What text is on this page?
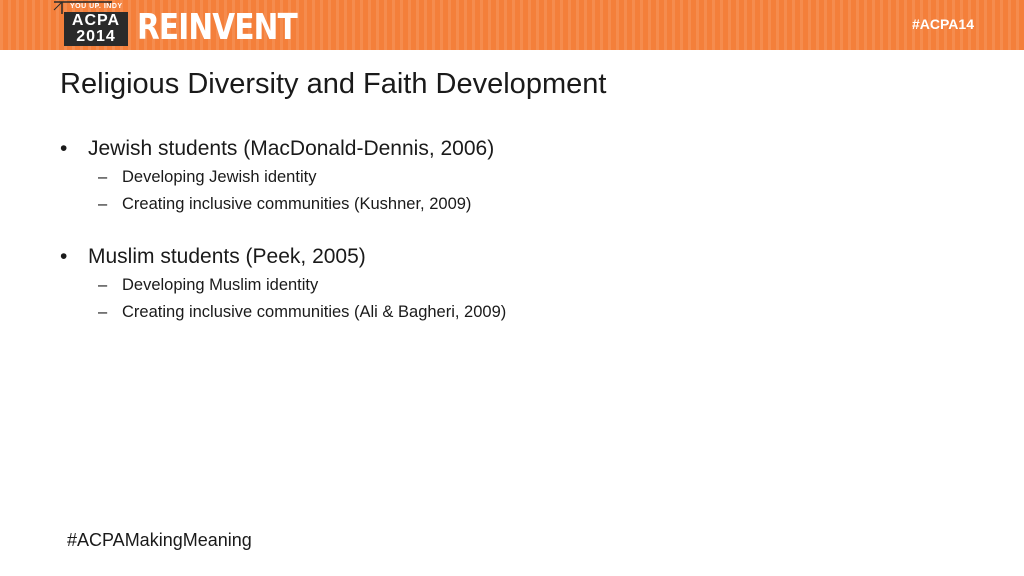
YOU UP. INDY
ACPA
2014 REINVENT	#ACPA14
Religious Diversity and Faith Development
• Jewish students (MacDonald-Dennis, 2006)
– Developing Jewish identity
– Creating inclusive communities (Kushner, 2009)
• Muslim students (Peek, 2005)
– Developing Muslim identity
– Creating inclusive communities (Ali & Bagheri, 2009)
#ACPAMakingMeaning
